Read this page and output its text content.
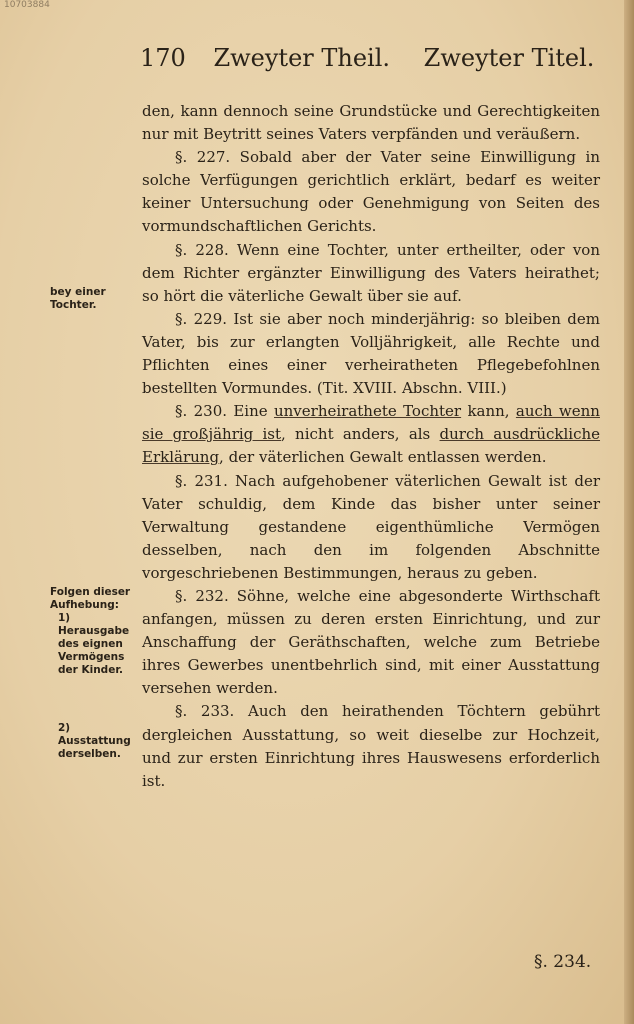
10703884
170 Zweyter Theil. Zweyter Titel.
bey einer Tochter.
Folgen dieser Aufhebung:
1) Herausgabe des eignen Vermögens der Kinder.
2) Ausstattung derselben.

den, kann dennoch seine Grundstücke und Gerechtigkeiten nur mit Beytritt seines Vaters verpfänden und veräußern.

§. 227. Sobald aber der Vater seine Einwilligung in solche Verfügungen gerichtlich erklärt, bedarf es weiter keiner Untersuchung oder Genehmigung von Seiten des vormundschaftlichen Gerichts.

§. 228. Wenn eine Tochter, unter ertheilter, oder von dem Richter ergänzter Einwilligung des Vaters heirathet; so hört die väterliche Gewalt über sie auf.

§. 229. Ist sie aber noch minderjährig: so bleiben dem Vater, bis zur erlangten Volljährigkeit, alle Rechte und Pflichten eines einer verheiratheten Pflegebefohlnen bestellten Vormundes. (Tit. XVIII. Abschn. VIII.)

§. 230. Eine unverheirathete Tochter kann, auch wenn sie großjährig ist, nicht anders, als durch ausdrückliche Erklärung, der väterlichen Gewalt entlassen werden.

§. 231. Nach aufgehobener väterlichen Gewalt ist der Vater schuldig, dem Kinde das bisher unter seiner Verwaltung gestandene eigenthümliche Vermögen desselben, nach den im folgenden Abschnitte vorgeschriebenen Bestimmungen, heraus zu geben.

§. 232. Söhne, welche eine abgesonderte Wirthschaft anfangen, müssen zu deren ersten Einrichtung, und zur Anschaffung der Geräthschaften, welche zum Betriebe ihres Gewerbes unentbehrlich sind, mit einer Ausstattung versehen werden.

§. 233. Auch den heirathenden Töchtern gebührt dergleichen Ausstattung, so weit dieselbe zur Hochzeit, und zur ersten Einrichtung ihres Hauswesens erforderlich ist.

§. 234.
